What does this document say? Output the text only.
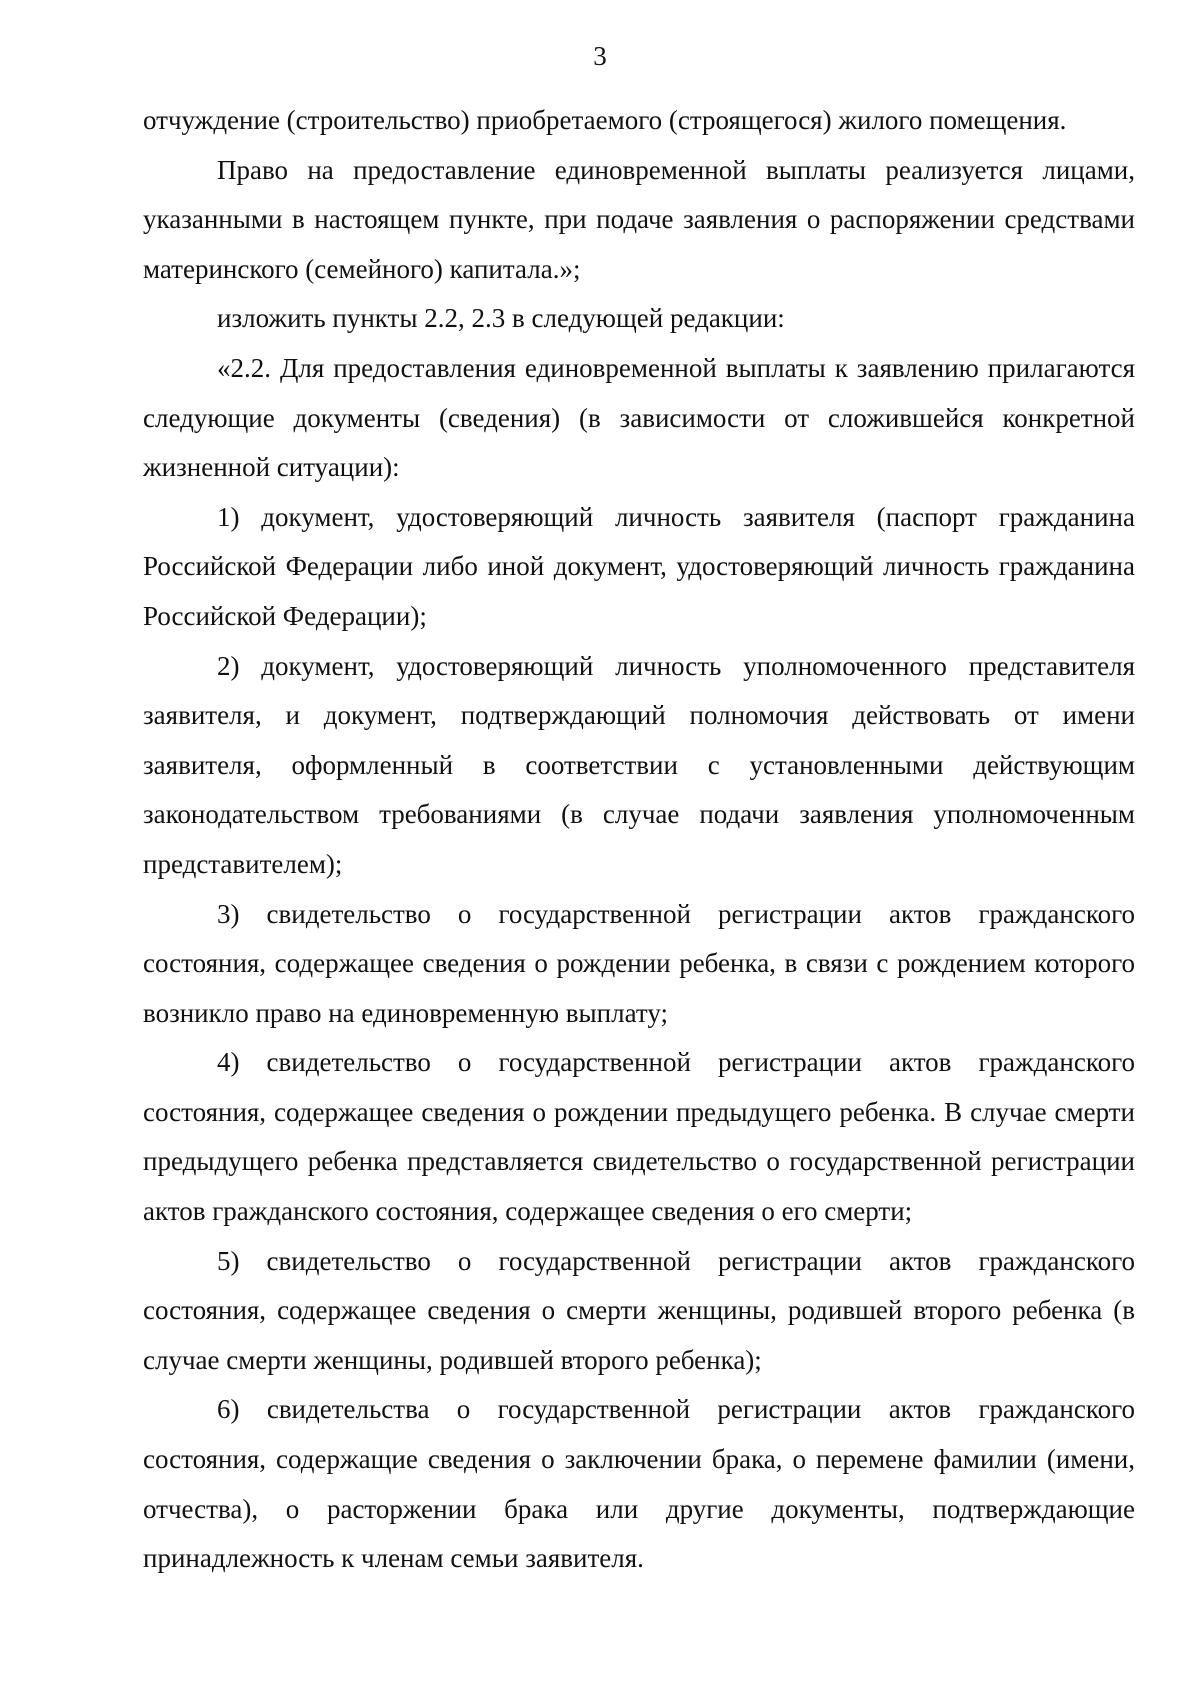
3

отчуждение (строительство) приобретаемого (строящегося) жилого помещения.

Право на предоставление единовременной выплаты реализуется лицами, указанными в настоящем пункте, при подаче заявления о распоряжении средствами материнского (семейного) капитала.»;

изложить пункты 2.2, 2.3 в следующей редакции:

«2.2. Для предоставления единовременной выплаты к заявлению прилагаются следующие документы (сведения) (в зависимости от сложившейся конкретной жизненной ситуации):

1) документ, удостоверяющий личность заявителя (паспорт гражданина Российской Федерации либо иной документ, удостоверяющий личность гражданина Российской Федерации);

2) документ, удостоверяющий личность уполномоченного представителя заявителя, и документ, подтверждающий полномочия действовать от имени заявителя, оформленный в соответствии с установленными действующим законодательством требованиями (в случае подачи заявления уполномоченным представителем);

3) свидетельство о государственной регистрации актов гражданского состояния, содержащее сведения о рождении ребенка, в связи с рождением которого возникло право на единовременную выплату;

4) свидетельство о государственной регистрации актов гражданского состояния, содержащее сведения о рождении предыдущего ребенка. В случае смерти предыдущего ребенка представляется свидетельство о государственной регистрации актов гражданского состояния, содержащее сведения о его смерти;

5) свидетельство о государственной регистрации актов гражданского состояния, содержащее сведения о смерти женщины, родившей второго ребенка (в случае смерти женщины, родившей второго ребенка);

6) свидетельства о государственной регистрации актов гражданского состояния, содержащие сведения о заключении брака, о перемене фамилии (имени, отчества), о расторжении брака или другие документы, подтверждающие принадлежность к членам семьи заявителя.
